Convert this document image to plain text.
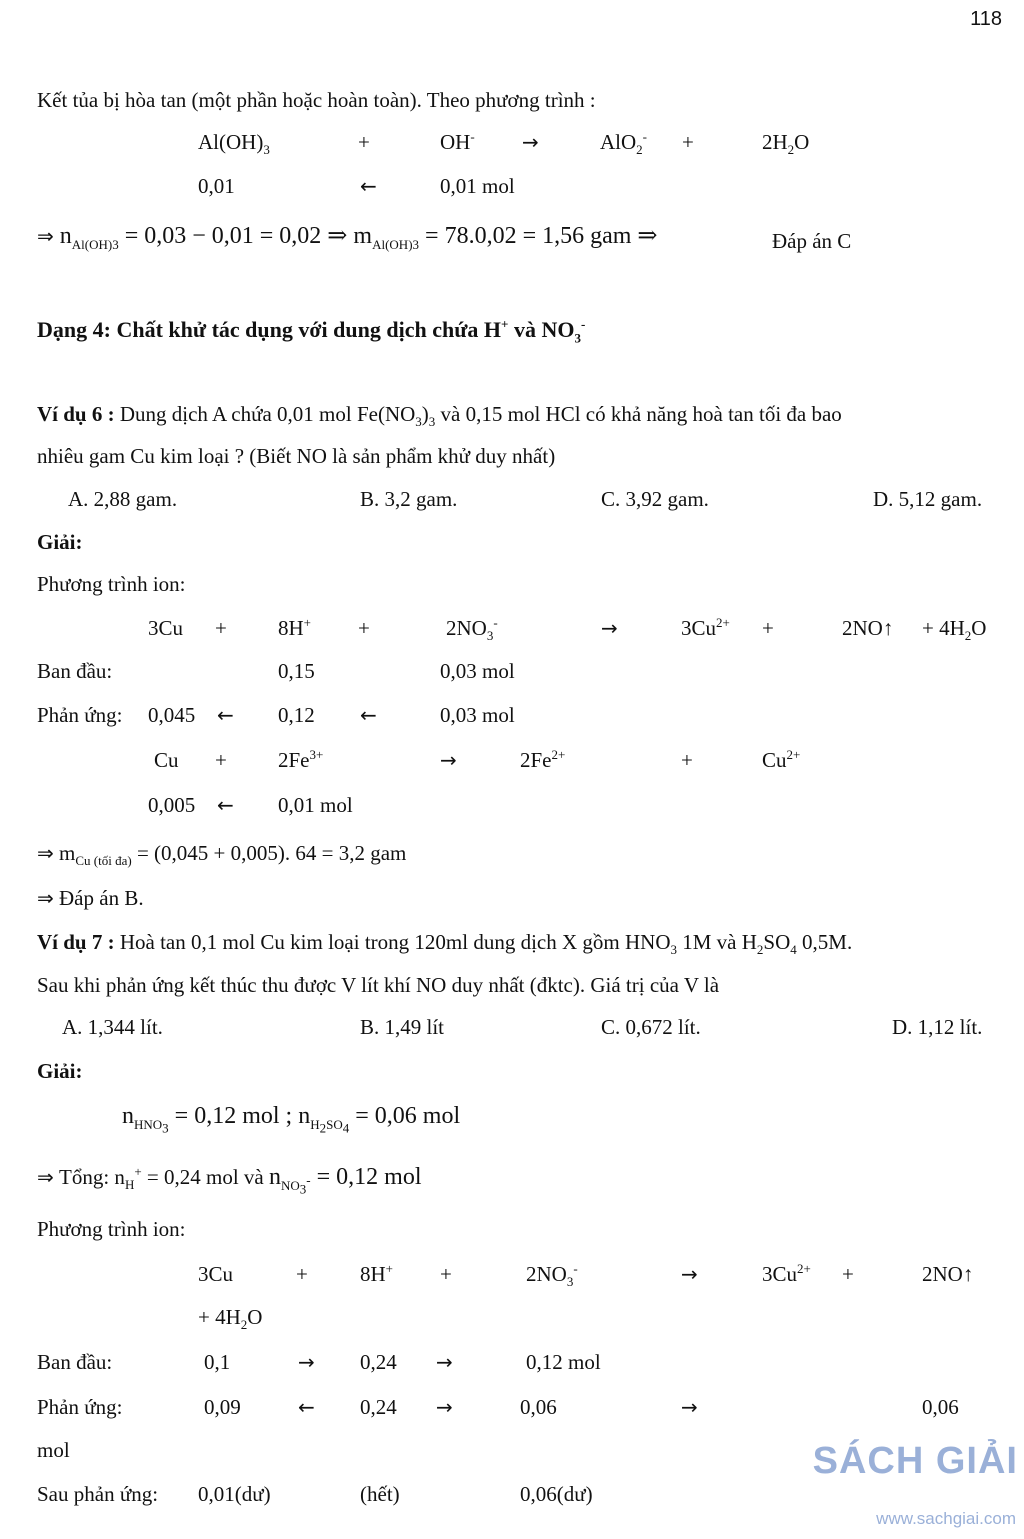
118
Kết tủa bị hòa tan (một phần hoặc hoàn toàn). Theo phương trình :
$Al(OH)_3$	+	OH- →	AlO$_2$- +	$2H_2O$
0,01	←	0,01 mol
⇒ $n_{Al(OH)3} = 0,03 - 0,01 = 0,02$ ⇒ $m_{Al(OH)3} = 78.0,02 = 1,56$ gam ⇒	Đáp án C
Dạng 4: Chất khử tác dụng với dung dịch chứa H+ và $NO_3^-$
Ví dụ 6 : Dung dịch A chứa 0,01 mol $Fe(NO_3)_3$ và 0,15 mol HCl có khả năng hoà tan tối đa bao
nhiêu gam Cu kim loại ? (Biết NO là sản phẩm khử duy nhất)
A. 2,88 gam.	B. 3,2 gam.	C. 3,92 gam.	D. 5,12 gam.
Giải:
Phương trình ion:
3Cu + 8H+ +	$2NO_3^-$	→	$3Cu^{2+}$ +	2NO↑ + $4H_2O$
Ban đầu:	0,15	0,03 mol
Phản ứng: 0,045 ← 0,12 ←	0,03 mol
$Cu + 2Fe^{3+}$	→	$2Fe^{2+}$	+	$Cu^{2+}$
0,005 ← 0,01 mol
⇒ $m_{Cu (tối đa)} = (0,045 + 0,005)$. 64 = 3,2 gam
⇒ Đáp án B.
Ví dụ 7 : Hoà tan 0,1 mol Cu kim loại trong 120ml dung dịch X gồm $HNO_3$ 1M và $H_2SO_4$ 0,5M.
Sau khi phản ứng kết thúc thu được V lít khí NO duy nhất (đktc). Giá trị của V là
A. 1,344 lít.	B. 1,49 lít	C. 0,672 lít.	D. 1,12 lít.
Giải:
$n_{HNO_3} = 0,12$ mol ; $n_{H_2SO_4} = 0,06$ mol
⇒ Tổng: $n_H^+ = 0,24$ mol và $n_{NO_3^-} = 0,12$ mol
Phương trình ion:
3Cu	+ 8H+ +	$2NO_3^-$	→	$3Cu^{2+}$ +	2NO↑
+ $4H_2O$
Ban đầu:	0,1	→ 0,24 →	0,12 mol
Phản ứng:	0,09	← 0,24 →	0,06	→	0,06
mol
Sau phản ứng: 0,01(dư)	(hết)	0,06(dư)
SÁCH GIẢI
www.sachgiai.com
